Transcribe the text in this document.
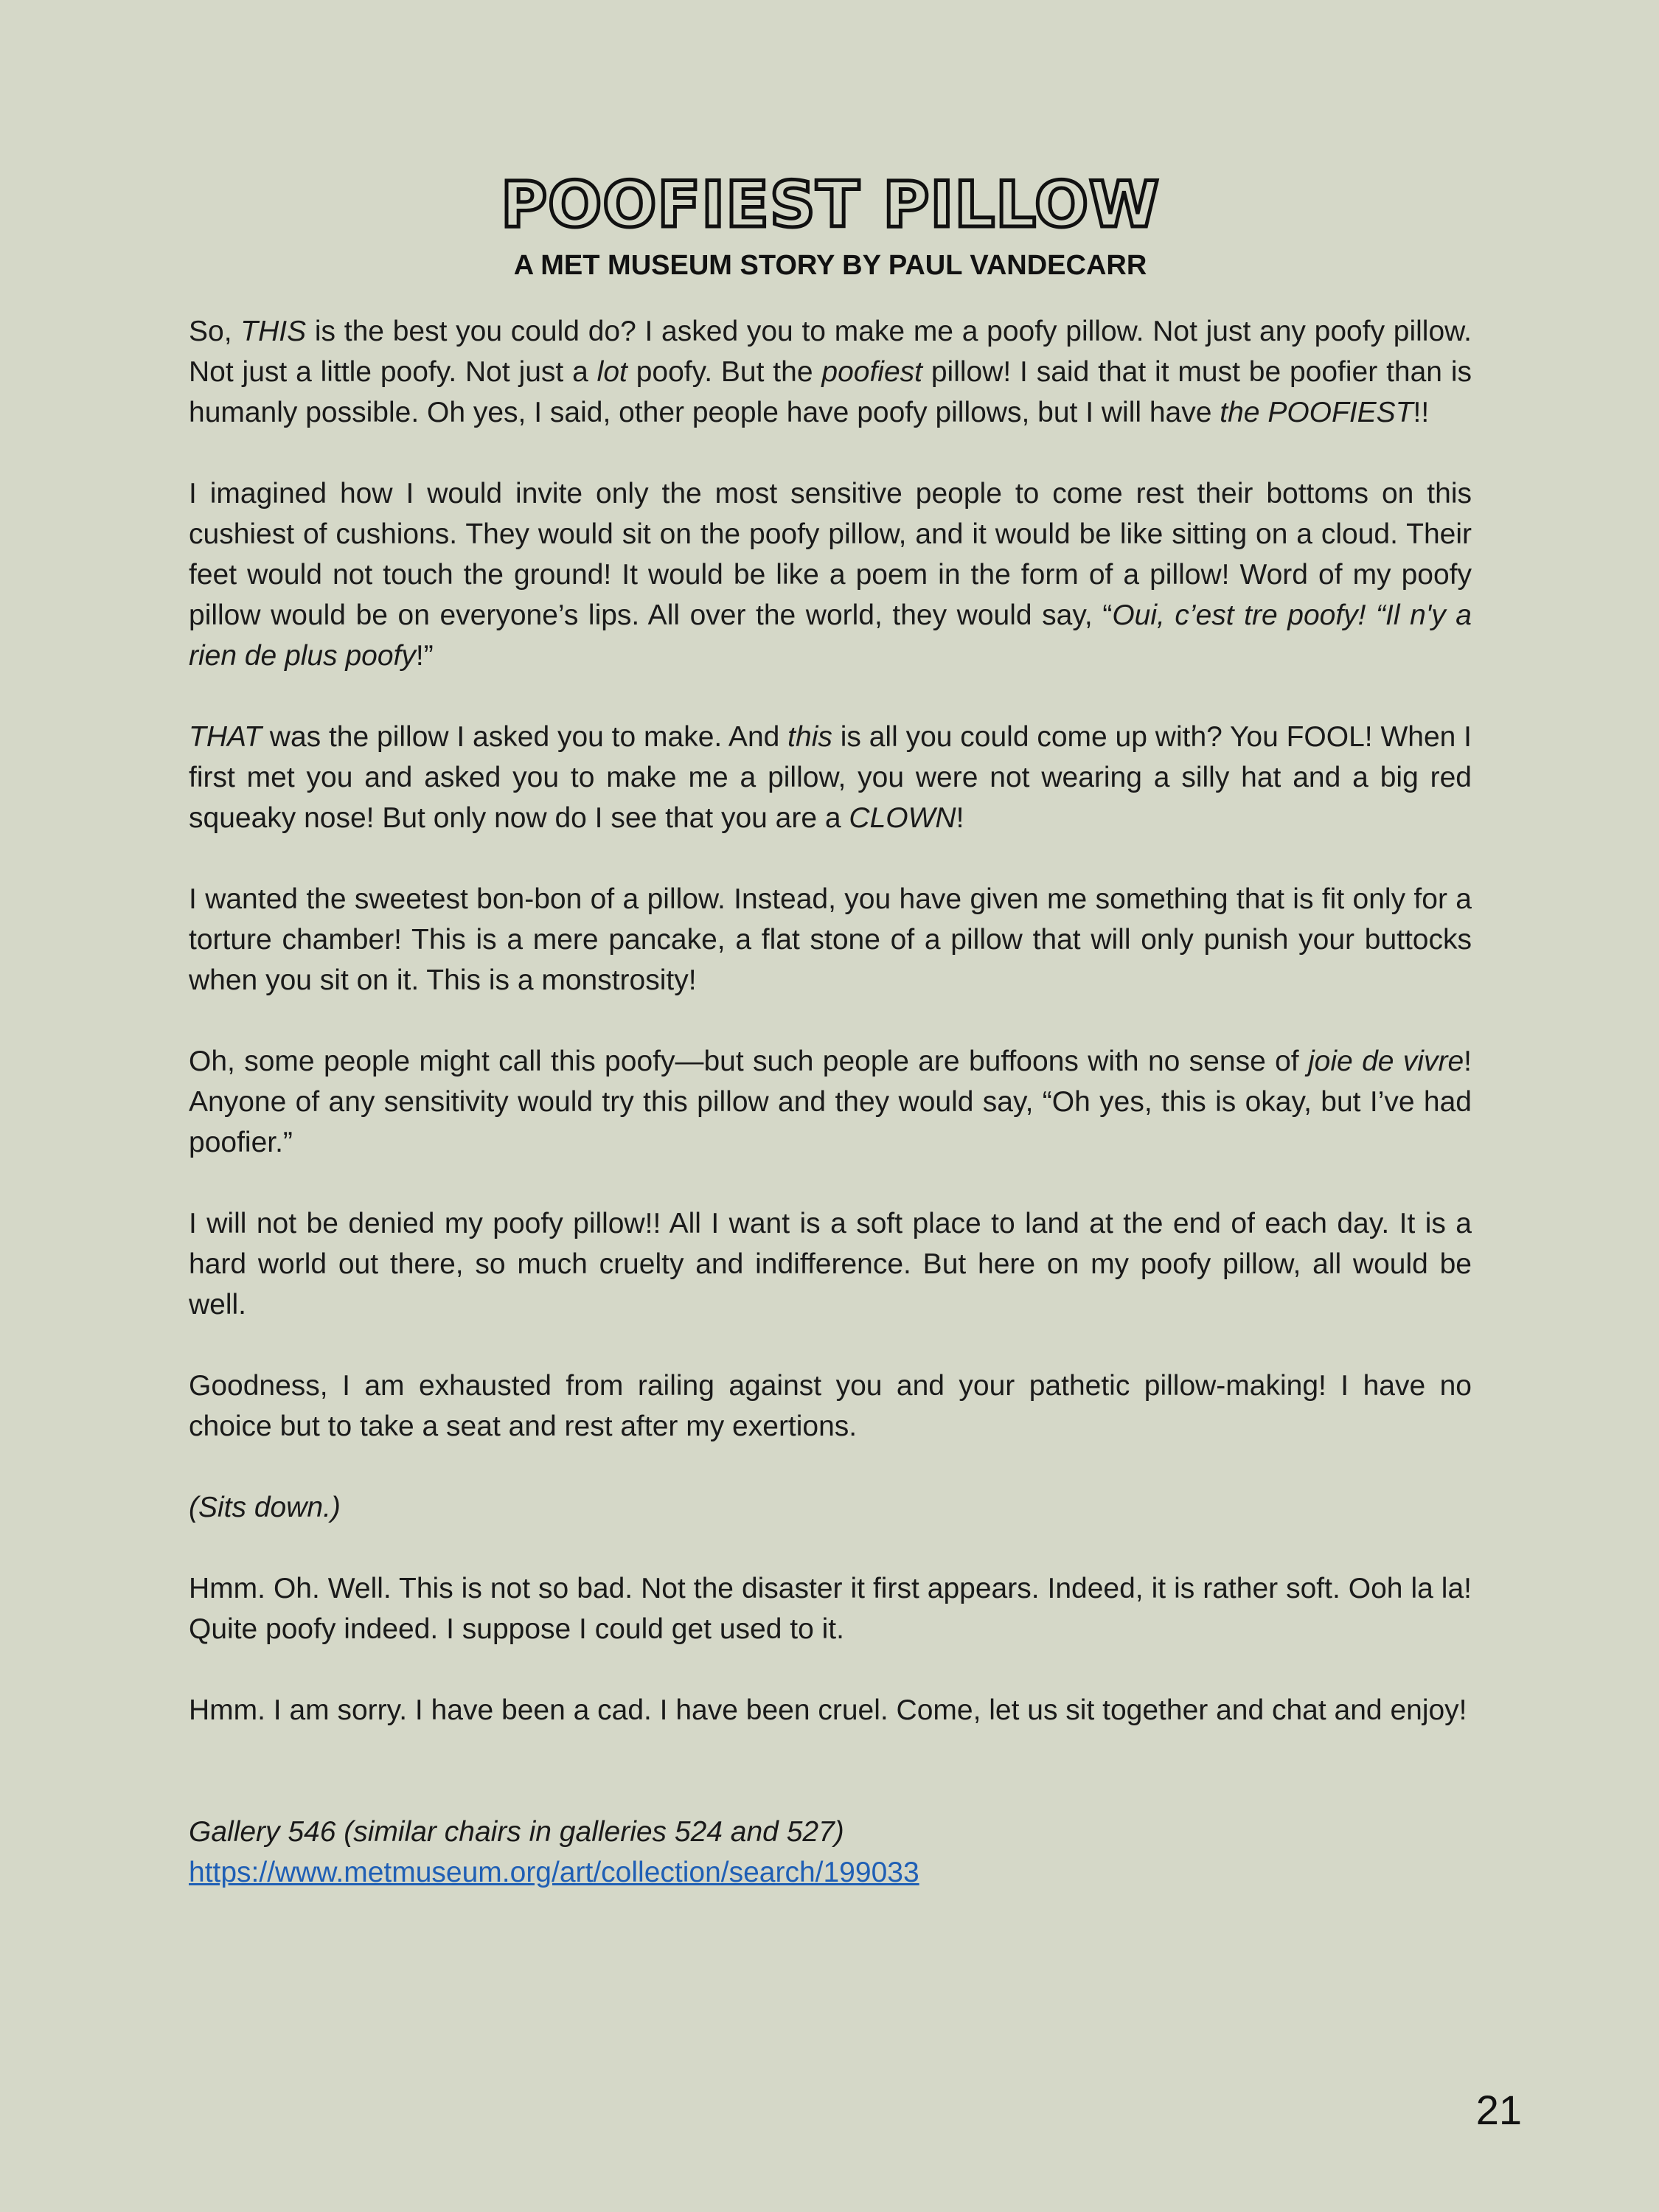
POOFIEST PILLOW
A MET MUSEUM STORY BY PAUL VANDECARR

So, THIS is the best you could do? I asked you to make me a poofy pillow. Not just any poofy pillow. Not just a little poofy. Not just a lot poofy. But the poofiest pillow! I said that it must be poofier than is humanly possible. Oh yes, I said, other people have poofy pillows, but I will have the POOFIEST!!

I imagined how I would invite only the most sensitive people to come rest their bottoms on this cushiest of cushions. They would sit on the poofy pillow, and it would be like sitting on a cloud. Their feet would not touch the ground! It would be like a poem in the form of a pillow! Word of my poofy pillow would be on everyone’s lips. All over the world, they would say, “Oui, c’est tre poofy! “Il n'y a rien de plus poofy!”

THAT was the pillow I asked you to make. And this is all you could come up with? You FOOL! When I first met you and asked you to make me a pillow, you were not wearing a silly hat and a big red squeaky nose! But only now do I see that you are a CLOWN!

I wanted the sweetest bon-bon of a pillow. Instead, you have given me something that is fit only for a torture chamber! This is a mere pancake, a flat stone of a pillow that will only punish your buttocks when you sit on it. This is a monstrosity!

Oh, some people might call this poofy—but such people are buffoons with no sense of joie de vivre! Anyone of any sensitivity would try this pillow and they would say, “Oh yes, this is okay, but I’ve had poofier.”

I will not be denied my poofy pillow!! All I want is a soft place to land at the end of each day. It is a hard world out there, so much cruelty and indifference. But here on my poofy pillow, all would be well.

Goodness, I am exhausted from railing against you and your pathetic pillow-making! I have no choice but to take a seat and rest after my exertions.

(Sits down.)

Hmm. Oh. Well. This is not so bad. Not the disaster it first appears. Indeed, it is rather soft. Ooh la la! Quite poofy indeed. I suppose I could get used to it.

Hmm. I am sorry. I have been a cad. I have been cruel. Come, let us sit together and chat and enjoy!

Gallery 546 (similar chairs in galleries 524 and 527)
https://www.metmuseum.org/art/collection/search/199033
21
